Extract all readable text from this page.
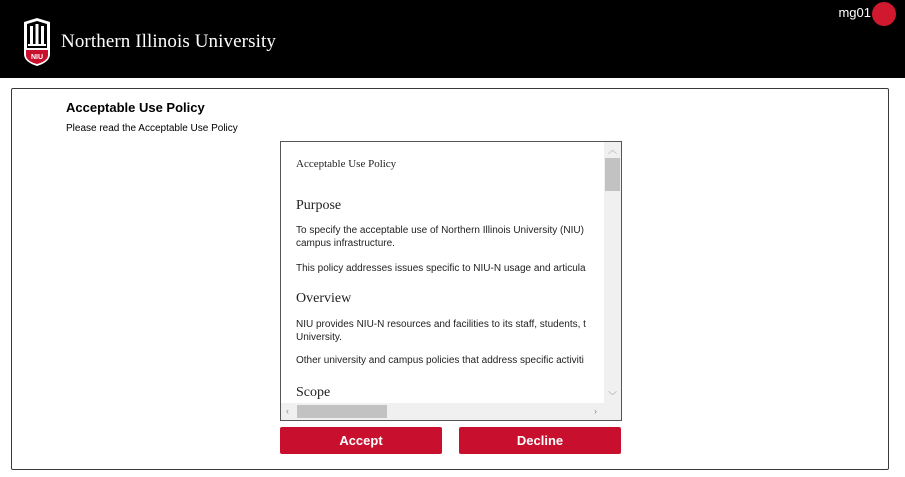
NIU
Northern Illinois University
mg01
Acceptable Use Policy
Please read the Acceptable Use Policy
Acceptable Use Policy
Purpose
To specify the acceptable use of Northern Illinois University (NIU) campus infrastructure.
This policy addresses issues specific to NIU-N usage and articula
Overview
NIU provides NIU-N resources and facilities to its staff, students, t University.
Other university and campus policies that address specific activiti
Scope
︿
﹀
‹	›
Accept	Decline
